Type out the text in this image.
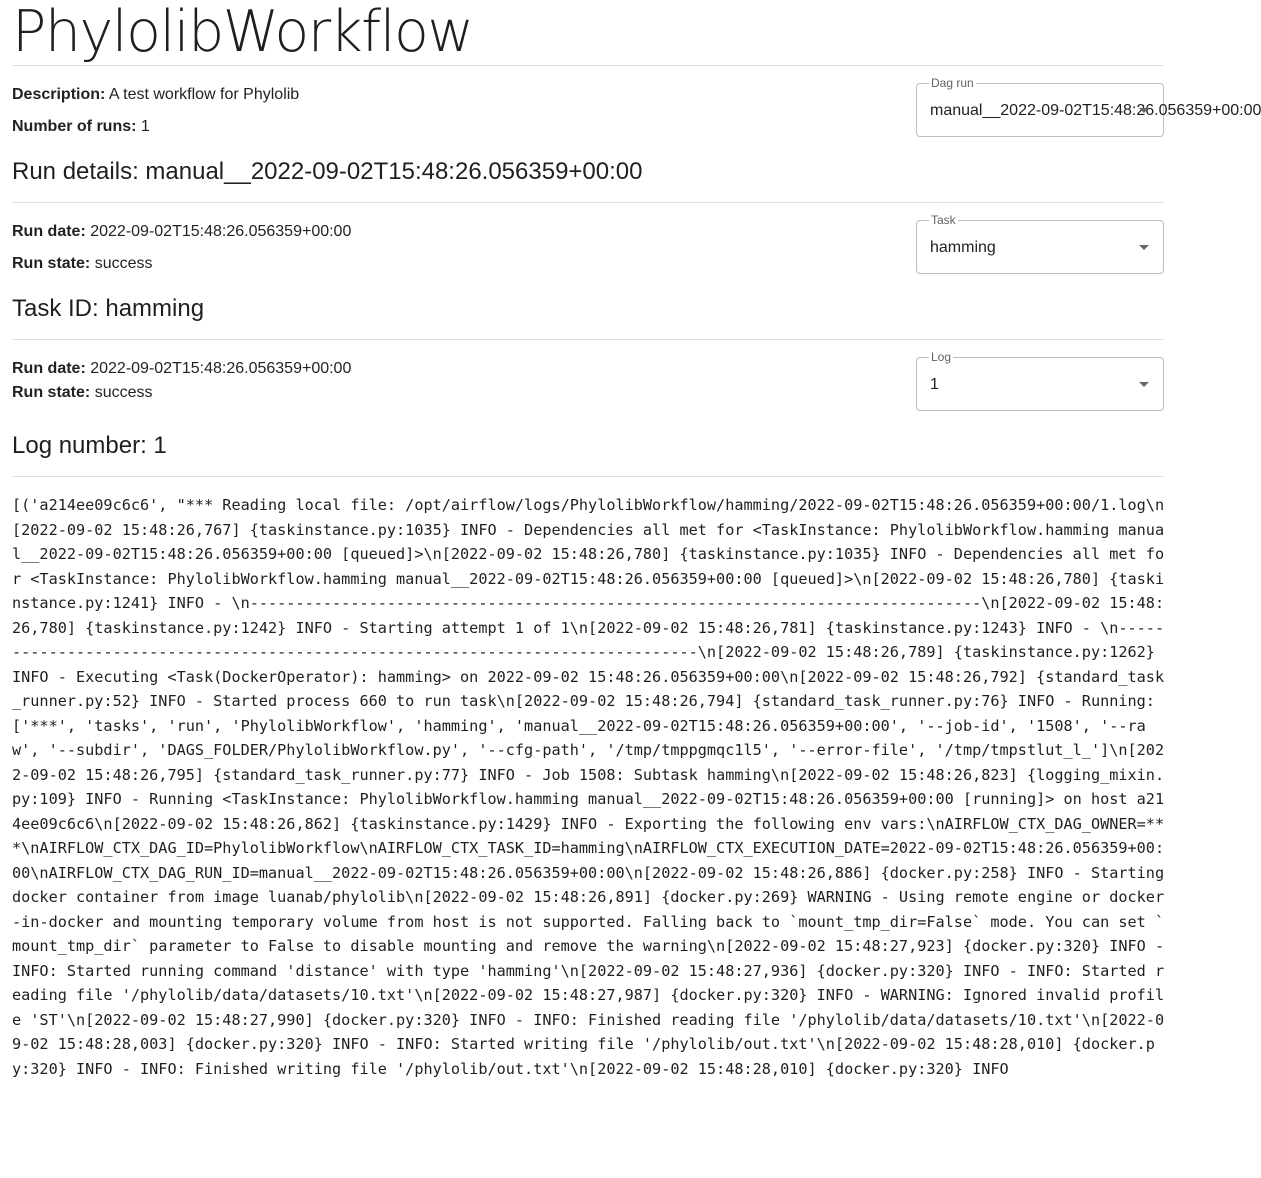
PhylolibWorkflow
Description: A test workflow for Phylolib
Number of runs: 1
Dag run
manual__2022-09-02T15:48:26.056359+00:00
Run details: manual__2022-09-02T15:48:26.056359+00:00
Run date: 2022-09-02T15:48:26.056359+00:00
Run state: success
Task
hamming
Task ID: hamming
Run date: 2022-09-02T15:48:26.056359+00:00
Run state: success
Log
1
Log number: 1
[('a214ee09c6c6', "*** Reading local file: /opt/airflow/logs/PhylolibWorkflow/hamming/2022-09-02T15:48:26.056359+00:00/1.log\n[2022-09-02 15:48:26,767] {taskinstance.py:1035} INFO - Dependencies all met for <TaskInstance: PhylolibWorkflow.hamming manual__2022-09-02T15:48:26.056359+00:00 [queued]>\n[2022-09-02 15:48:26,780] {taskinstance.py:1035} INFO - Dependencies all met for <TaskInstance: PhylolibWorkflow.hamming manual__2022-09-02T15:48:26.056359+00:00 [queued]>\n[2022-09-02 15:48:26,780] {taskinstance.py:1241} INFO - \n--------------------------------------------------------------------------------\n[2022-09-02 15:48:26,780] {taskinstance.py:1242} INFO - Starting attempt 1 of 1\n[2022-09-02 15:48:26,781] {taskinstance.py:1243} INFO - \n--------------------------------------------------------------------------------\n[2022-09-02 15:48:26,789] {taskinstance.py:1262} INFO - Executing <Task(DockerOperator): hamming> on 2022-09-02 15:48:26.056359+00:00\n[2022-09-02 15:48:26,792] {standard_task_runner.py:52} INFO - Started process 660 to run task\n[2022-09-02 15:48:26,794] {standard_task_runner.py:76} INFO - Running: ['***', 'tasks', 'run', 'PhylolibWorkflow', 'hamming', 'manual__2022-09-02T15:48:26.056359+00:00', '--job-id', '1508', '--raw', '--subdir', 'DAGS_FOLDER/PhylolibWorkflow.py', '--cfg-path', '/tmp/tmppgmqc1l5', '--error-file', '/tmp/tmpstlut_l_']\n[2022-09-02 15:48:26,795] {standard_task_runner.py:77} INFO - Job 1508: Subtask hamming\n[2022-09-02 15:48:26,823] {logging_mixin.py:109} INFO - Running <TaskInstance: PhylolibWorkflow.hamming manual__2022-09-02T15:48:26.056359+00:00 [running]> on host a214ee09c6c6\n[2022-09-02 15:48:26,862] {taskinstance.py:1429} INFO - Exporting the following env vars:\nAIRFLOW_CTX_DAG_OWNER=***\nAIRFLOW_CTX_DAG_ID=PhylolibWorkflow\nAIRFLOW_CTX_TASK_ID=hamming\nAIRFLOW_CTX_EXECUTION_DATE=2022-09-02T15:48:26.056359+00:00\nAIRFLOW_CTX_DAG_RUN_ID=manual__2022-09-02T15:48:26.056359+00:00\n[2022-09-02 15:48:26,886] {docker.py:258} INFO - Starting docker container from image luanab/phylolib\n[2022-09-02 15:48:26,891] {docker.py:269} WARNING - Using remote engine or docker-in-docker and mounting temporary volume from host is not supported. Falling back to `mount_tmp_dir=False` mode. You can set `mount_tmp_dir` parameter to False to disable mounting and remove the warning\n[2022-09-02 15:48:27,923] {docker.py:320} INFO - INFO: Started running command 'distance' with type 'hamming'\n[2022-09-02 15:48:27,936] {docker.py:320} INFO - INFO: Started reading file '/phylolib/data/datasets/10.txt'\n[2022-09-02 15:48:27,987] {docker.py:320} INFO - WARNING: Ignored invalid profile 'ST'\n[2022-09-02 15:48:27,990] {docker.py:320} INFO - INFO: Finished reading file '/phylolib/data/datasets/10.txt'\n[2022-09-02 15:48:28,003] {docker.py:320} INFO - INFO: Started writing file '/phylolib/out.txt'\n[2022-09-02 15:48:28,010] {docker.py:320} INFO - INFO: Finished writing file '/phylolib/out.txt'\n[2022-09-02 15:48:28,010] {docker.py:320} INFO
